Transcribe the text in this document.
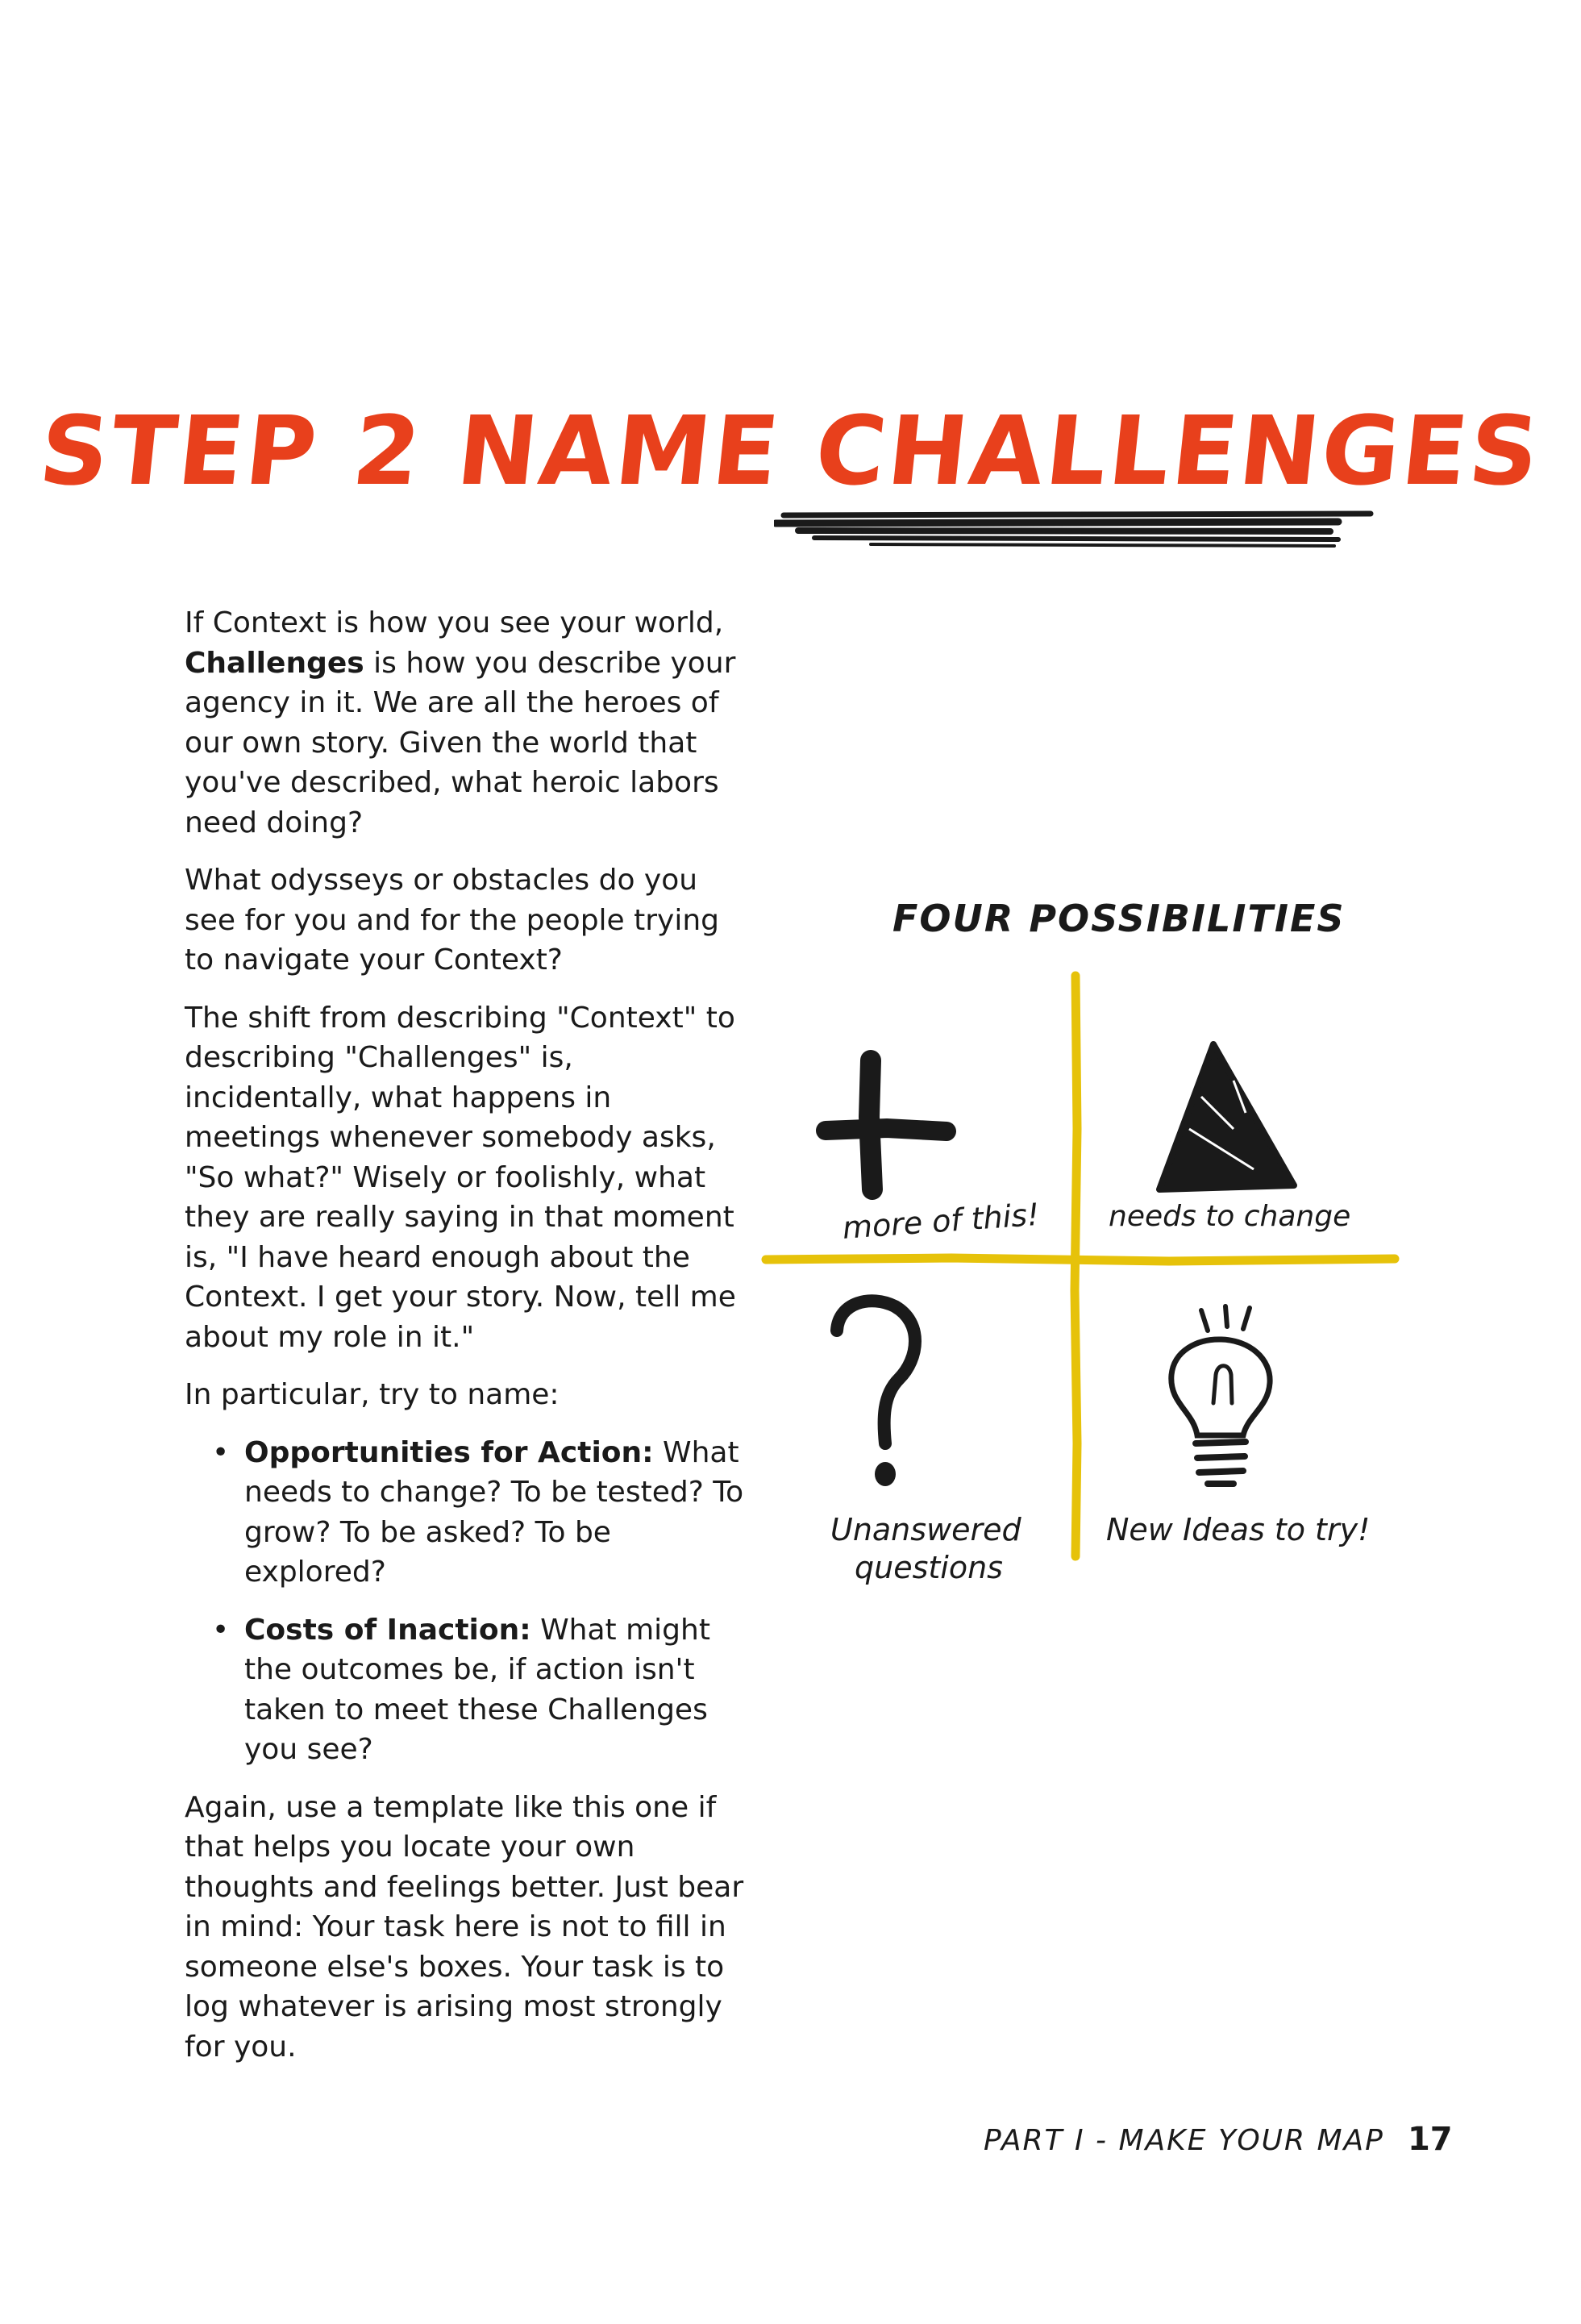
STEP 2 NAME CHALLENGES

If Context is how you see your world, Challenges is how you describe your agency in it. We are all the heroes of our own story. Given the world that you've described, what heroic labors need doing?

What odysseys or obstacles do you see for you and for the people trying to navigate your Context?

The shift from describing "Context" to describing "Challenges" is, incidentally, what happens in meetings whenever somebody asks, "So what?" Wisely or foolishly, what they are really saying in that moment is, "I have heard enough about the Context. I get your story. Now, tell me about my role in it."

In particular, try to name:

• Opportunities for Action: What needs to change? To be tested? To grow? To be asked? To be explored?
• Costs of Inaction: What might the outcomes be, if action isn't taken to meet these Challenges you see?

Again, use a template like this one if that helps you locate your own thoughts and feelings better. Just bear in mind: Your task here is not to fill in someone else's boxes. Your task is to log whatever is arising most strongly for you.

FOUR POSSIBILITIES
more of this! needs to change
Unanswered
questions
New Ideas to try!
PART I - MAKE YOUR MAP 17
